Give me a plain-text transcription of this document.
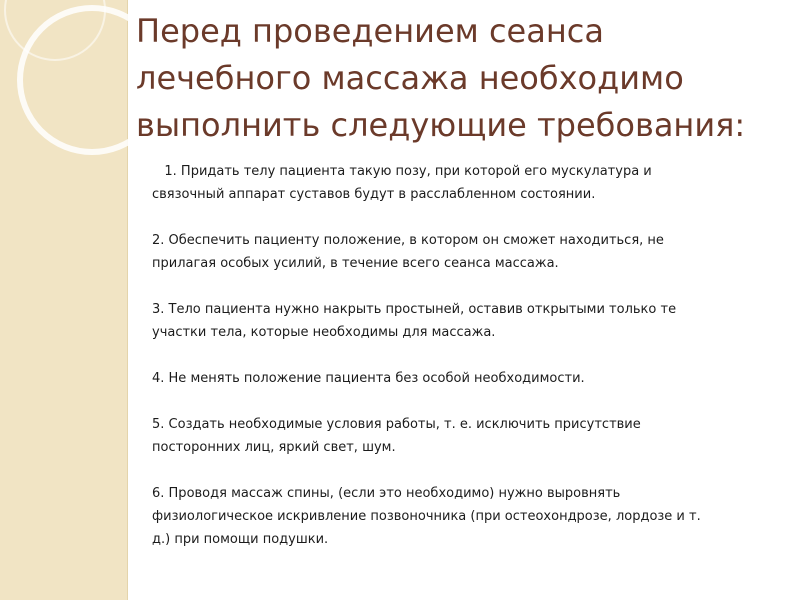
Перед проведением сеанса
лечебного массажа необходимо
выполнить следующие требования:

1. Придать телу пациента такую позу, при которой его мускулатура и
связочный аппарат суставов будут в расслабленном состоянии.

2. Обеспечить пациенту положение, в котором он сможет находиться, не
прилагая особых усилий, в течение всего сеанса массажа.

3. Тело пациента нужно накрыть простыней, оставив открытыми только те
участки тела, которые необходимы для массажа.

4. Не менять положение пациента без особой необходимости.

5. Создать необходимые условия работы, т. е. исключить присутствие
посторонних лиц, яркий свет, шум.

6. Проводя массаж спины, (если это необходимо) нужно выровнять
физиологическое искривление позвоночника (при остеохондрозе, лордозе и т.
д.) при помощи подушки.
